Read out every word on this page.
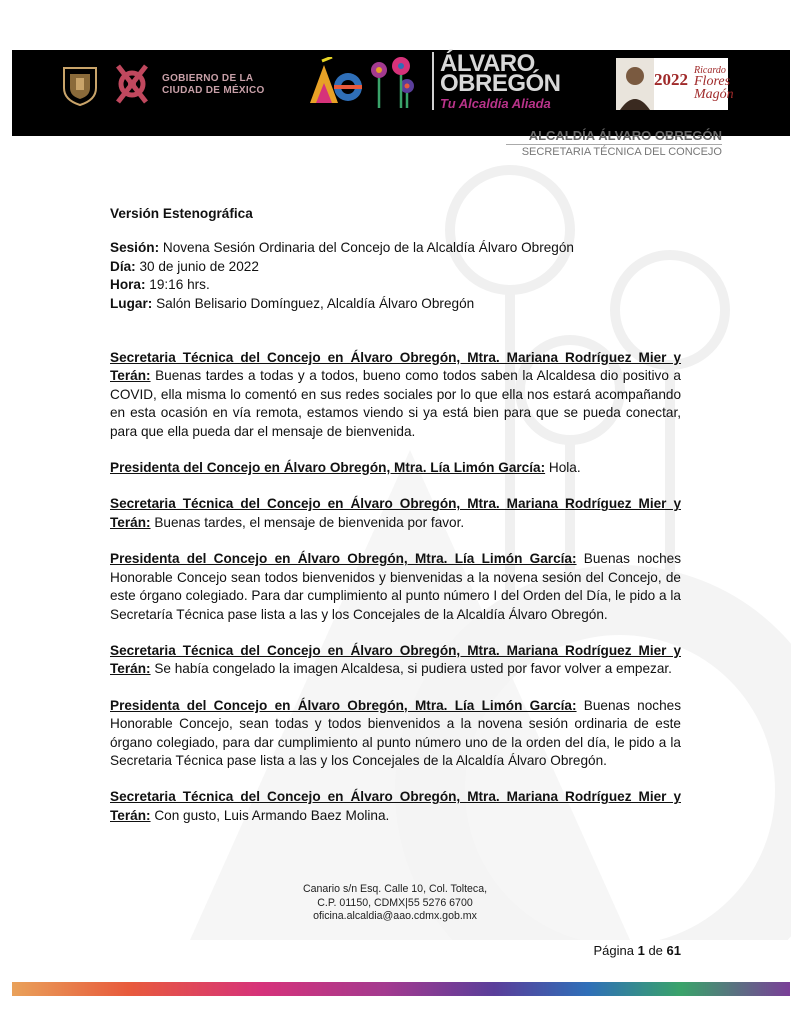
GOBIERNO DE LA
CIUDAD DE MÉXICO
ÁLVARO
OBREGÓN
Tu Alcaldía Aliada
2022 Ricardo
Flores
Magón
ALCALDÍA ÁLVARO OBREGÓN
SECRETARIA TÉCNICA DEL CONCEJO

Versión Estenográfica

Sesión: Novena Sesión Ordinaria del Concejo de la Alcaldía Álvaro Obregón

Día: 30 de junio de 2022

Hora: 19:16 hrs.

Lugar: Salón Belisario Domínguez, Alcaldía Álvaro Obregón

Secretaria Técnica del Concejo en Álvaro Obregón, Mtra. Mariana Rodríguez Mier y Terán: Buenas tardes a todas y a todos, bueno como todos saben la Alcaldesa dio positivo a COVID, ella misma lo comentó en sus redes sociales por lo que ella nos estará acompañando en esta ocasión en vía remota, estamos viendo si ya está bien para que se pueda conectar, para que ella pueda dar el mensaje de bienvenida.

Presidenta del Concejo en Álvaro Obregón, Mtra. Lía Limón García: Hola.

Secretaria Técnica del Concejo en Álvaro Obregón, Mtra. Mariana Rodríguez Mier y Terán: Buenas tardes, el mensaje de bienvenida por favor.

Presidenta del Concejo en Álvaro Obregón, Mtra. Lía Limón García: Buenas noches Honorable Concejo sean todos bienvenidos y bienvenidas a la novena sesión del Concejo, de este órgano colegiado. Para dar cumplimiento al punto número I del Orden del Día, le pido a la Secretaría Técnica pase lista a las y los Concejales de la Alcaldía Álvaro Obregón.

Secretaria Técnica del Concejo en Álvaro Obregón, Mtra. Mariana Rodríguez Mier y Terán: Se había congelado la imagen Alcaldesa, si pudiera usted por favor volver a empezar.

Presidenta del Concejo en Álvaro Obregón, Mtra. Lía Limón García: Buenas noches Honorable Concejo, sean todas y todos bienvenidos a la novena sesión ordinaria de este órgano colegiado, para dar cumplimiento al punto número uno de la orden del día, le pido a la Secretaria Técnica pase lista a las y los Concejales de la Alcaldía Álvaro Obregón.

Secretaria Técnica del Concejo en Álvaro Obregón, Mtra. Mariana Rodríguez Mier y Terán: Con gusto, Luis Armando Baez Molina.

Canario s/n Esq. Calle 10, Col. Tolteca,
C.P. 01150, CDMX|55 5276 6700
oficina.alcaldia@aao.cdmx.gob.mx
Página 1 de 61
